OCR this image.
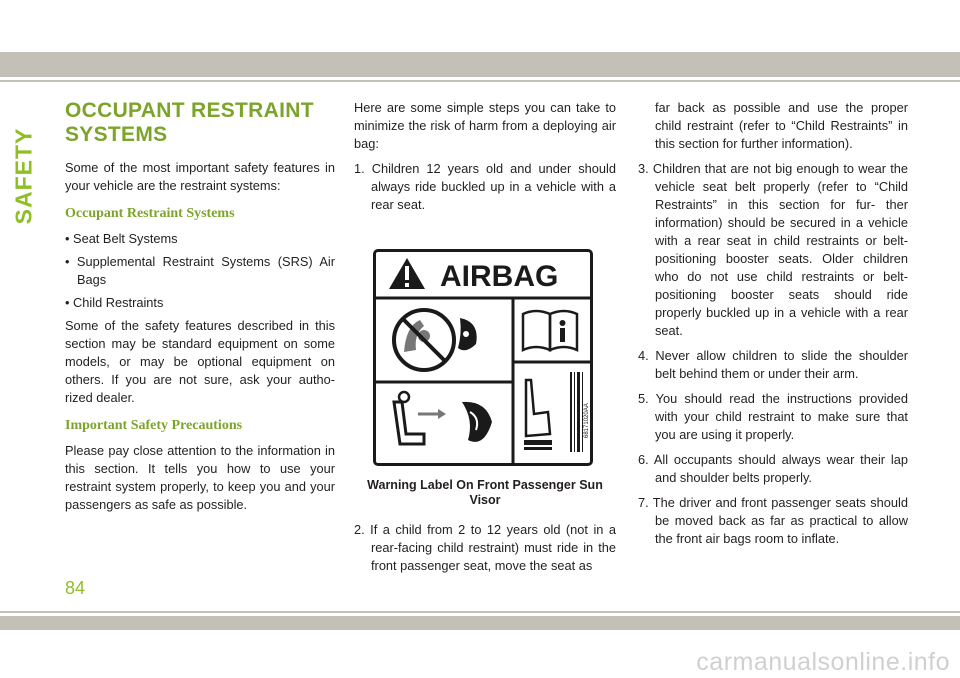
SAFETY
OCCUPANT RESTRAINT SYSTEMS

Some of the most important safety features in your vehicle are the restraint systems:

Occupant Restraint Systems

• Seat Belt Systems

• Supplemental Restraint Systems (SRS) Air Bags

• Child Restraints

Some of the safety features described in this section may be standard equipment on some models, or may be optional equipment on others. If you are not sure, ask your autho- rized dealer.

Important Safety Precautions

Please pay close attention to the information in this section. It tells you how to use your restraint system properly, to keep you and your passengers as safe as possible.

Here are some simple steps you can take to minimize the risk of harm from a deploying air bag:

1. Children 12 years old and under should always ride buckled up in a vehicle with a rear seat.

AIRBAG
68171020AA
Warning Label On Front Passenger Sun Visor

2. If a child from 2 to 12 years old (not in a rear-facing child restraint) must ride in the front passenger seat, move the seat as

far back as possible and use the proper child restraint (refer to “Child Restraints” in this section for further information).

3. Children that are not big enough to wear the vehicle seat belt properly (refer to “Child Restraints” in this section for fur- ther information) should be secured in a vehicle with a rear seat in child restraints or belt-positioning booster seats. Older children who do not use child restraints or belt-positioning booster seats should ride properly buckled up in a vehicle with a rear seat.

4. Never allow children to slide the shoulder belt behind them or under their arm.

5. You should read the instructions provided with your child restraint to make sure that you are using it properly.

6. All occupants should always wear their lap and shoulder belts properly.

7. The driver and front passenger seats should be moved back as far as practical to allow the front air bags room to inflate.

84
carmanualsonline.info
